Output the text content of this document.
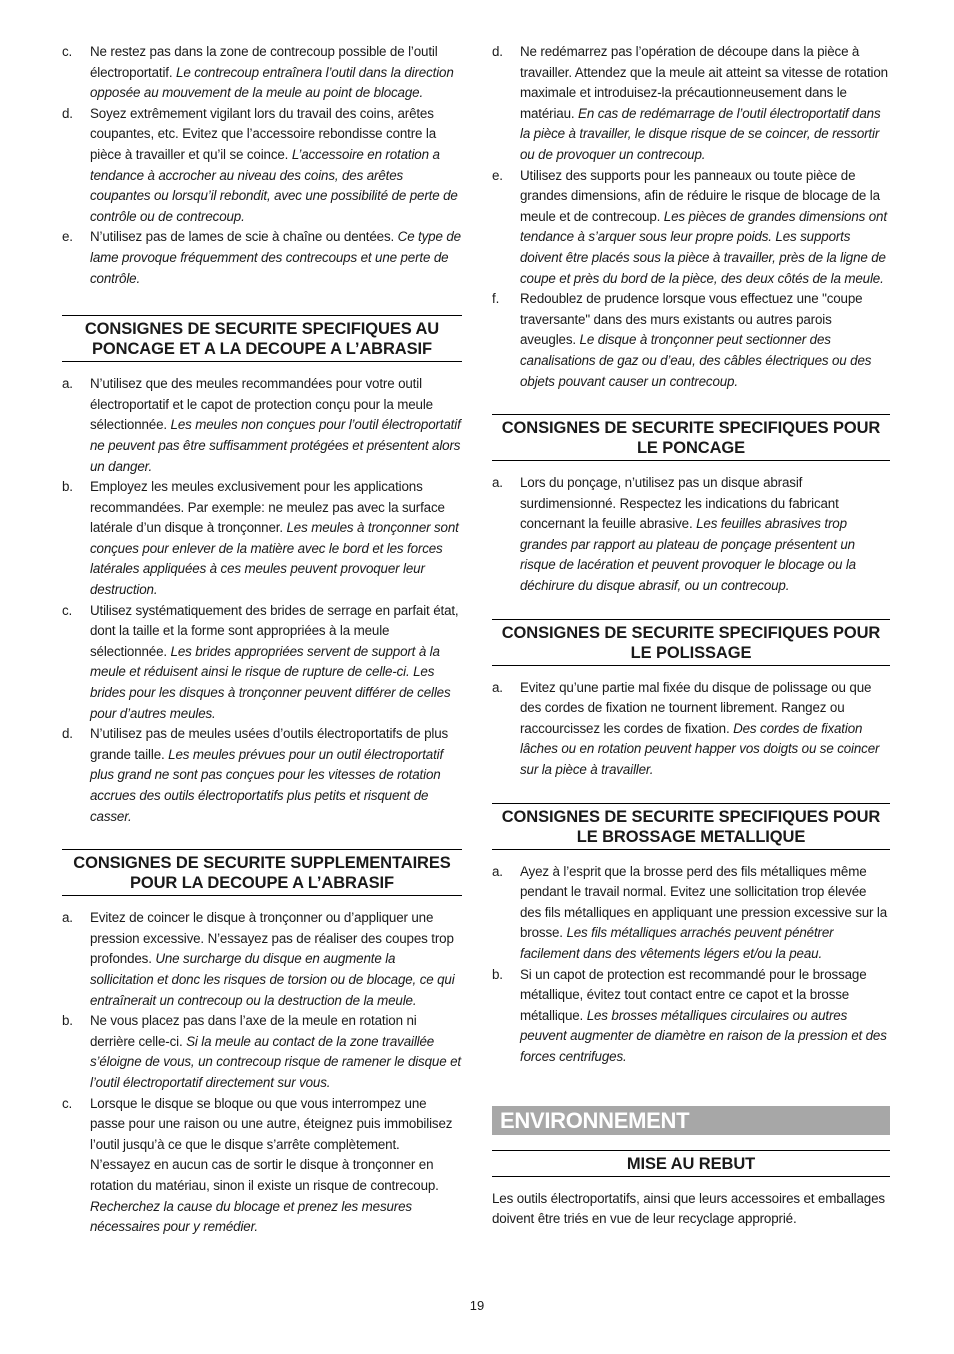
c.	Ne restez pas dans la zone de contrecoup possible de l’outil électroportatif. Le contrecoup entraînera l’outil dans la direction opposée au mouvement de la meule au point de blocage.
d.	Soyez extrêmement vigilant lors du travail des coins, arêtes coupantes, etc. Evitez que l’accessoire rebondisse contre la pièce à travailler et qu’il se coince. L’accessoire en rotation a tendance à accrocher au niveau des coins, des arêtes coupantes ou lorsqu’il rebondit, avec une possibilité de perte de contrôle ou de contrecoup.
e.	N’utilisez pas de lames de scie à chaîne ou dentées. Ce type de lame provoque fréquemment des contrecoups et une perte de contrôle.
CONSIGNES DE SECURITE SPECIFIQUES AU PONCAGE ET A LA DECOUPE A L’ABRASIF
a.	N’utilisez que des meules recommandées pour votre outil électroportatif et le capot de protection conçu pour la meule sélectionnée. Les meules non conçues pour l’outil électroportatif ne peuvent pas être suffisamment protégées et présentent alors un danger.
b.	Employez les meules exclusivement pour les applications recommandées. Par exemple: ne meulez pas avec la surface latérale d’un disque à tronçonner. Les meules à tronçonner sont conçues pour enlever de la matière avec le bord et les forces latérales appliquées à ces meules peuvent provoquer leur destruction.
c.	Utilisez systématiquement des brides de serrage en parfait état, dont la taille et la forme sont appropriées à la meule sélectionnée. Les brides appropriées servent de support à la meule et réduisent ainsi le risque de rupture de celle-ci. Les brides pour les disques à tronçonner peuvent différer de celles pour d’autres meules.
d.	N’utilisez pas de meules usées d’outils électroportatifs de plus grande taille. Les meules prévues pour un outil électroportatif plus grand ne sont pas conçues pour les vitesses de rotation accrues des outils électroportatifs plus petits et risquent de casser.
CONSIGNES DE SECURITE SUPPLEMENTAIRES POUR LA DECOUPE A L’ABRASIF
a.	Evitez de coincer le disque à tronçonner ou d’appliquer une pression excessive. N’essayez pas de réaliser des coupes trop profondes. Une surcharge du disque en augmente la sollicitation et donc les risques de torsion ou de blocage, ce qui entraînerait un contrecoup ou la destruction de la meule.
b.	Ne vous placez pas dans l’axe de la meule en rotation ni derrière celle-ci. Si la meule au contact de la zone travaillée s’éloigne de vous, un contrecoup risque de ramener le disque et l’outil électroportatif directement sur vous.
c.	Lorsque le disque se bloque ou que vous interrompez une passe pour une raison ou une autre, éteignez puis immobilisez l’outil jusqu’à ce que le disque s’arrête complètement. N’essayez en aucun cas de sortir le disque à tronçonner en rotation du matériau, sinon il existe un risque de contrecoup. Recherchez la cause du blocage et prenez les mesures nécessaires pour y remédier.
d.	Ne redémarrez pas l’opération de découpe dans la pièce à travailler. Attendez que la meule ait atteint sa vitesse de rotation maximale et introduisez-la précautionneusement dans le matériau. En cas de redémarrage de l’outil électroportatif dans la pièce à travailler, le disque risque de se coincer, de ressortir ou de provoquer un contrecoup.
e.	Utilisez des supports pour les panneaux ou toute pièce de grandes dimensions, afin de réduire le risque de blocage de la meule et de contrecoup. Les pièces de grandes dimensions ont tendance à s’arquer sous leur propre poids. Les supports doivent être placés sous la pièce à travailler, près de la ligne de coupe et près du bord de la pièce, des deux côtés de la meule.
f.	Redoublez de prudence lorsque vous effectuez une "coupe traversante" dans des murs existants ou autres parois aveugles. Le disque à tronçonner peut sectionner des canalisations de gaz ou d’eau, des câbles électriques ou des objets pouvant causer un contrecoup.
CONSIGNES DE SECURITE SPECIFIQUES POUR LE PONCAGE
a.	Lors du ponçage, n’utilisez pas un disque abrasif surdimensionné. Respectez les indications du fabricant concernant la feuille abrasive. Les feuilles abrasives trop grandes par rapport au plateau de ponçage présentent un risque de lacération et peuvent provoquer le blocage ou la déchirure du disque abrasif, ou un contrecoup.
CONSIGNES DE SECURITE SPECIFIQUES POUR LE POLISSAGE
a.	Evitez qu’une partie mal fixée du disque de polissage ou que des cordes de fixation ne tournent librement. Rangez ou raccourcissez les cordes de fixation. Des cordes de fixation lâches ou en rotation peuvent happer vos doigts ou se coincer sur la pièce à travailler.
CONSIGNES DE SECURITE SPECIFIQUES POUR LE BROSSAGE METALLIQUE
a.	Ayez à l’esprit que la brosse perd des fils métalliques même pendant le travail normal. Evitez une sollicitation trop élevée des fils métalliques en appliquant une pression excessive sur la brosse. Les fils métalliques arrachés peuvent pénétrer facilement dans des vêtements légers et/ou la peau.
b.	Si un capot de protection est recommandé pour le brossage métallique, évitez tout contact entre ce capot et la brosse métallique. Les brosses métalliques circulaires ou autres peuvent augmenter de diamètre en raison de la pression et des forces centrifuges.
ENVIRONNEMENT
MISE AU REBUT
Les outils électroportatifs, ainsi que leurs accessoires et emballages doivent être triés en vue de leur recyclage approprié.
19
